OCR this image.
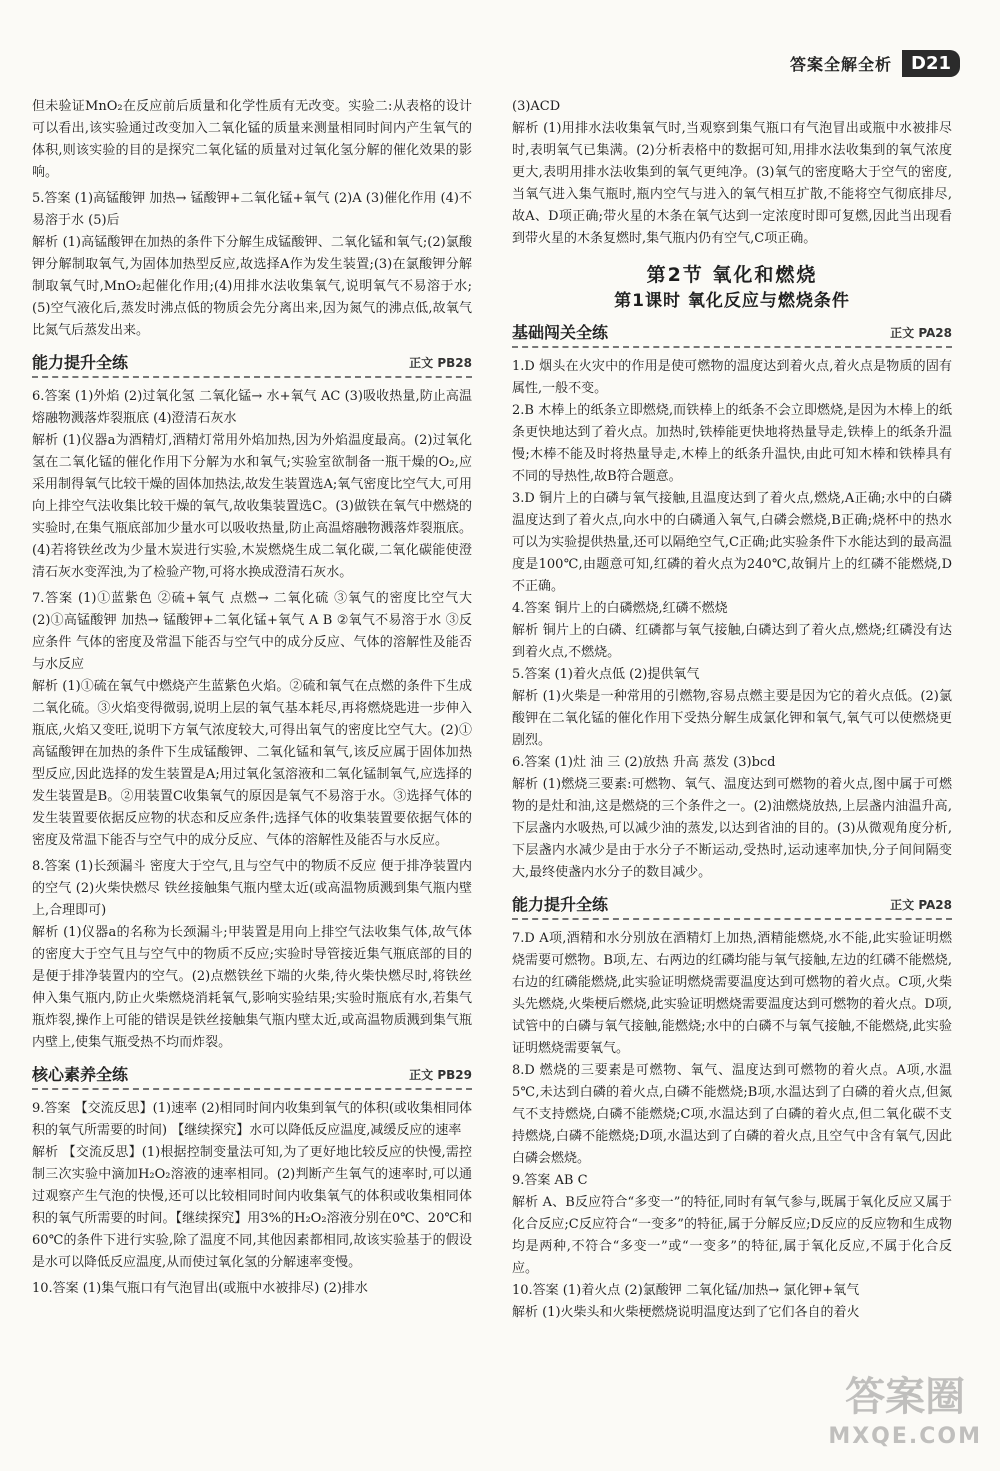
答案全解全析	D21

但未验证MnO₂在反应前后质量和化学性质有无改变。实验二:从表格的设计可以看出,该实验通过改变加入二氧化锰的质量来测量相同时间内产生氧气的体积,则该实验的目的是探究二氧化锰的质量对过氧化氢分解的催化效果的影响。

5.答案 (1)高锰酸钾 加热→ 锰酸钾+二氧化锰+氧气 (2)A (3)催化作用 (4)不易溶于水 (5)后

解析 (1)高锰酸钾在加热的条件下分解生成锰酸钾、二氧化锰和氧气;(2)氯酸钾分解制取氧气,为固体加热型反应,故选择A作为发生装置;(3)在氯酸钾分解制取氧气时,MnO₂起催化作用;(4)用排水法收集氧气,说明氧气不易溶于水;(5)空气液化后,蒸发时沸点低的物质会先分离出来,因为氮气的沸点低,故氧气比氮气后蒸发出来。

能力提升全练	正文 PB28

6.答案 (1)外焰 (2)过氧化氢 二氧化锰→ 水+氧气 AC (3)吸收热量,防止高温熔融物溅落炸裂瓶底 (4)澄清石灰水

解析 (1)仪器a为酒精灯,酒精灯常用外焰加热,因为外焰温度最高。(2)过氧化氢在二氧化锰的催化作用下分解为水和氧气;实验室欲制备一瓶干燥的O₂,应采用制得氧气比较干燥的固体加热法,故发生装置选A;氧气密度比空气大,可用向上排空气法收集比较干燥的氧气,故收集装置选C。(3)做铁在氧气中燃烧的实验时,在集气瓶底部加少量水可以吸收热量,防止高温熔融物溅落炸裂瓶底。(4)若将铁丝改为少量木炭进行实验,木炭燃烧生成二氧化碳,二氧化碳能使澄清石灰水变浑浊,为了检验产物,可将水换成澄清石灰水。

7.答案 (1)①蓝紫色 ②硫+氧气 点燃→ 二氧化硫 ③氧气的密度比空气大 (2)①高锰酸钾 加热→ 锰酸钾+二氧化锰+氧气 A B ②氧气不易溶于水 ③反应条件 气体的密度及常温下能否与空气中的成分反应、气体的溶解性及能否与水反应

解析 (1)①硫在氧气中燃烧产生蓝紫色火焰。②硫和氧气在点燃的条件下生成二氧化硫。③火焰变得微弱,说明上层的氧气基本耗尽,再将燃烧匙进一步伸入瓶底,火焰又变旺,说明下方氧气浓度较大,可得出氧气的密度比空气大。(2)①高锰酸钾在加热的条件下生成锰酸钾、二氧化锰和氧气,该反应属于固体加热型反应,因此选择的发生装置是A;用过氧化氢溶液和二氧化锰制氧气,应选择的发生装置是B。②用装置C收集氧气的原因是氧气不易溶于水。③选择气体的发生装置要依据反应物的状态和反应条件;选择气体的收集装置要依据气体的密度及常温下能否与空气中的成分反应、气体的溶解性及能否与水反应。

8.答案 (1)长颈漏斗 密度大于空气,且与空气中的物质不反应 便于排净装置内的空气 (2)火柴快燃尽 铁丝接触集气瓶内壁太近(或高温物质溅到集气瓶内壁上,合理即可)

解析 (1)仪器a的名称为长颈漏斗;甲装置是用向上排空气法收集气体,故气体的密度大于空气且与空气中的物质不反应;实验时导管接近集气瓶底部的目的是便于排净装置内的空气。(2)点燃铁丝下端的火柴,待火柴快燃尽时,将铁丝伸入集气瓶内,防止火柴燃烧消耗氧气,影响实验结果;实验时瓶底有水,若集气瓶炸裂,操作上可能的错误是铁丝接触集气瓶内壁太近,或高温物质溅到集气瓶内壁上,使集气瓶受热不均而炸裂。

核心素养全练	正文 PB29

9.答案 【交流反思】(1)速率 (2)相同时间内收集到氧气的体积(或收集相同体积的氧气所需要的时间) 【继续探究】水可以降低反应温度,减缓反应的速率

解析 【交流反思】(1)根据控制变量法可知,为了更好地比较反应的快慢,需控制三次实验中滴加H₂O₂溶液的速率相同。(2)判断产生氧气的速率时,可以通过观察产生气泡的快慢,还可以比较相同时间内收集氧气的体积或收集相同体积的氧气所需要的时间。【继续探究】用3%的H₂O₂溶液分别在0℃、20℃和60℃的条件下进行实验,除了温度不同,其他因素都相同,故该实验基于的假设是水可以降低反应温度,从而使过氧化氢的分解速率变慢。

10.答案 (1)集气瓶口有气泡冒出(或瓶中水被排尽) (2)排水

(3)ACD

解析 (1)用排水法收集氧气时,当观察到集气瓶口有气泡冒出或瓶中水被排尽时,表明氧气已集满。(2)分析表格中的数据可知,用排水法收集到的氧气浓度更大,表明用排水法收集到的氧气更纯净。(3)氧气的密度略大于空气的密度,当氧气进入集气瓶时,瓶内空气与进入的氧气相互扩散,不能将空气彻底排尽,故A、D项正确;带火星的木条在氧气达到一定浓度时即可复燃,因此当出现看到带火星的木条复燃时,集气瓶内仍有空气,C项正确。

第2节 氧化和燃烧
第1课时 氧化反应与燃烧条件
基础闯关全练	正文 PA28

1.D 烟头在火灾中的作用是使可燃物的温度达到着火点,着火点是物质的固有属性,一般不变。

2.B 木棒上的纸条立即燃烧,而铁棒上的纸条不会立即燃烧,是因为木棒上的纸条更快地达到了着火点。加热时,铁棒能更快地将热量导走,铁棒上的纸条升温慢;木棒不能及时将热量导走,木棒上的纸条升温快,由此可知木棒和铁棒具有不同的导热性,故B符合题意。

3.D 铜片上的白磷与氧气接触,且温度达到了着火点,燃烧,A正确;水中的白磷温度达到了着火点,向水中的白磷通入氧气,白磷会燃烧,B正确;烧杯中的热水可以为实验提供热量,还可以隔绝空气,C正确;此实验条件下水能达到的最高温度是100℃,由题意可知,红磷的着火点为240℃,故铜片上的红磷不能燃烧,D不正确。

4.答案 铜片上的白磷燃烧,红磷不燃烧

解析 铜片上的白磷、红磷都与氧气接触,白磷达到了着火点,燃烧;红磷没有达到着火点,不燃烧。

5.答案 (1)着火点低 (2)提供氧气

解析 (1)火柴是一种常用的引燃物,容易点燃主要是因为它的着火点低。(2)氯酸钾在二氧化锰的催化作用下受热分解生成氯化钾和氧气,氧气可以使燃烧更剧烈。

6.答案 (1)灶 油 三 (2)放热 升高 蒸发 (3)bcd

解析 (1)燃烧三要素:可燃物、氧气、温度达到可燃物的着火点,图中属于可燃物的是灶和油,这是燃烧的三个条件之一。(2)油燃烧放热,上层盏内油温升高,下层盏内水吸热,可以减少油的蒸发,以达到省油的目的。(3)从微观角度分析,下层盏内水减少是由于水分子不断运动,受热时,运动速率加快,分子间间隔变大,最终使盏内水分子的数目减少。

能力提升全练	正文 PA28

7.D A项,酒精和水分别放在酒精灯上加热,酒精能燃烧,水不能,此实验证明燃烧需要可燃物。B项,左、右两边的红磷均能与氧气接触,左边的红磷不能燃烧,右边的红磷能燃烧,此实验证明燃烧需要温度达到可燃物的着火点。C项,火柴头先燃烧,火柴梗后燃烧,此实验证明燃烧需要温度达到可燃物的着火点。D项,试管中的白磷与氧气接触,能燃烧;水中的白磷不与氧气接触,不能燃烧,此实验证明燃烧需要氧气。

8.D 燃烧的三要素是可燃物、氧气、温度达到可燃物的着火点。A项,水温5℃,未达到白磷的着火点,白磷不能燃烧;B项,水温达到了白磷的着火点,但氮气不支持燃烧,白磷不能燃烧;C项,水温达到了白磷的着火点,但二氧化碳不支持燃烧,白磷不能燃烧;D项,水温达到了白磷的着火点,且空气中含有氧气,因此白磷会燃烧。

9.答案 AB C

解析 A、B反应符合“多变一”的特征,同时有氧气参与,既属于氧化反应又属于化合反应;C反应符合“一变多”的特征,属于分解反应;D反应的反应物和生成物均是两种,不符合“多变一”或“一变多”的特征,属于氧化反应,不属于化合反应。

10.答案 (1)着火点 (2)氯酸钾 二氧化锰/加热→ 氯化钾+氧气

解析 (1)火柴头和火柴梗燃烧说明温度达到了它们各自的着火

答案圈
MXQE.COM
